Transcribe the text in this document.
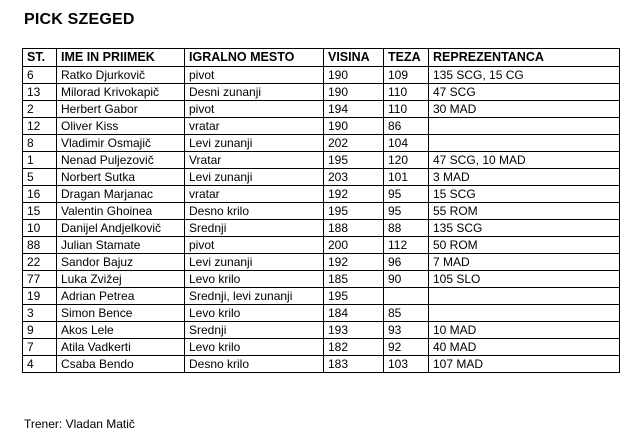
PICK SZEGED
ST.	IME IN PRIIMEK	IGRALNO MESTO	VISINA	TEZA	REPREZENTANCA
6	Ratko Djurkovič	pivot	190	109	135 SCG, 15 CG
13	Milorad Krivokapič	Desni zunanji	190	110	47 SCG
2	Herbert Gabor	pivot	194	110	30 MAD
12	Oliver Kiss	vratar	190	86	
8	Vladimir Osmajič	Levi zunanji	202	104	
1	Nenad Puljezovič	Vratar	195	120	47 SCG, 10 MAD
5	Norbert Sutka	Levi zunanji	203	101	3 MAD
16	Dragan Marjanac	vratar	192	95	15 SCG
15	Valentin Ghoinea	Desno krilo	195	95	55 ROM
10	Danijel Andjelkovič	Srednji	188	88	135 SCG
88	Julian Stamate	pivot	200	112	50 ROM
22	Sandor Bajuz	Levi zunanji	192	96	7 MAD
77	Luka Zvižej	Levo krilo	185	90	105 SLO
19	Adrian Petrea	Srednji, levi zunanji	195		
3	Simon Bence	Levo krilo	184	85	
9	Akos Lele	Srednji	193	93	10 MAD
7	Atila Vadkerti	Levo krilo	182	92	40 MAD
4	Csaba Bendo	Desno krilo	183	103	107 MAD
Trener: Vladan Matič
